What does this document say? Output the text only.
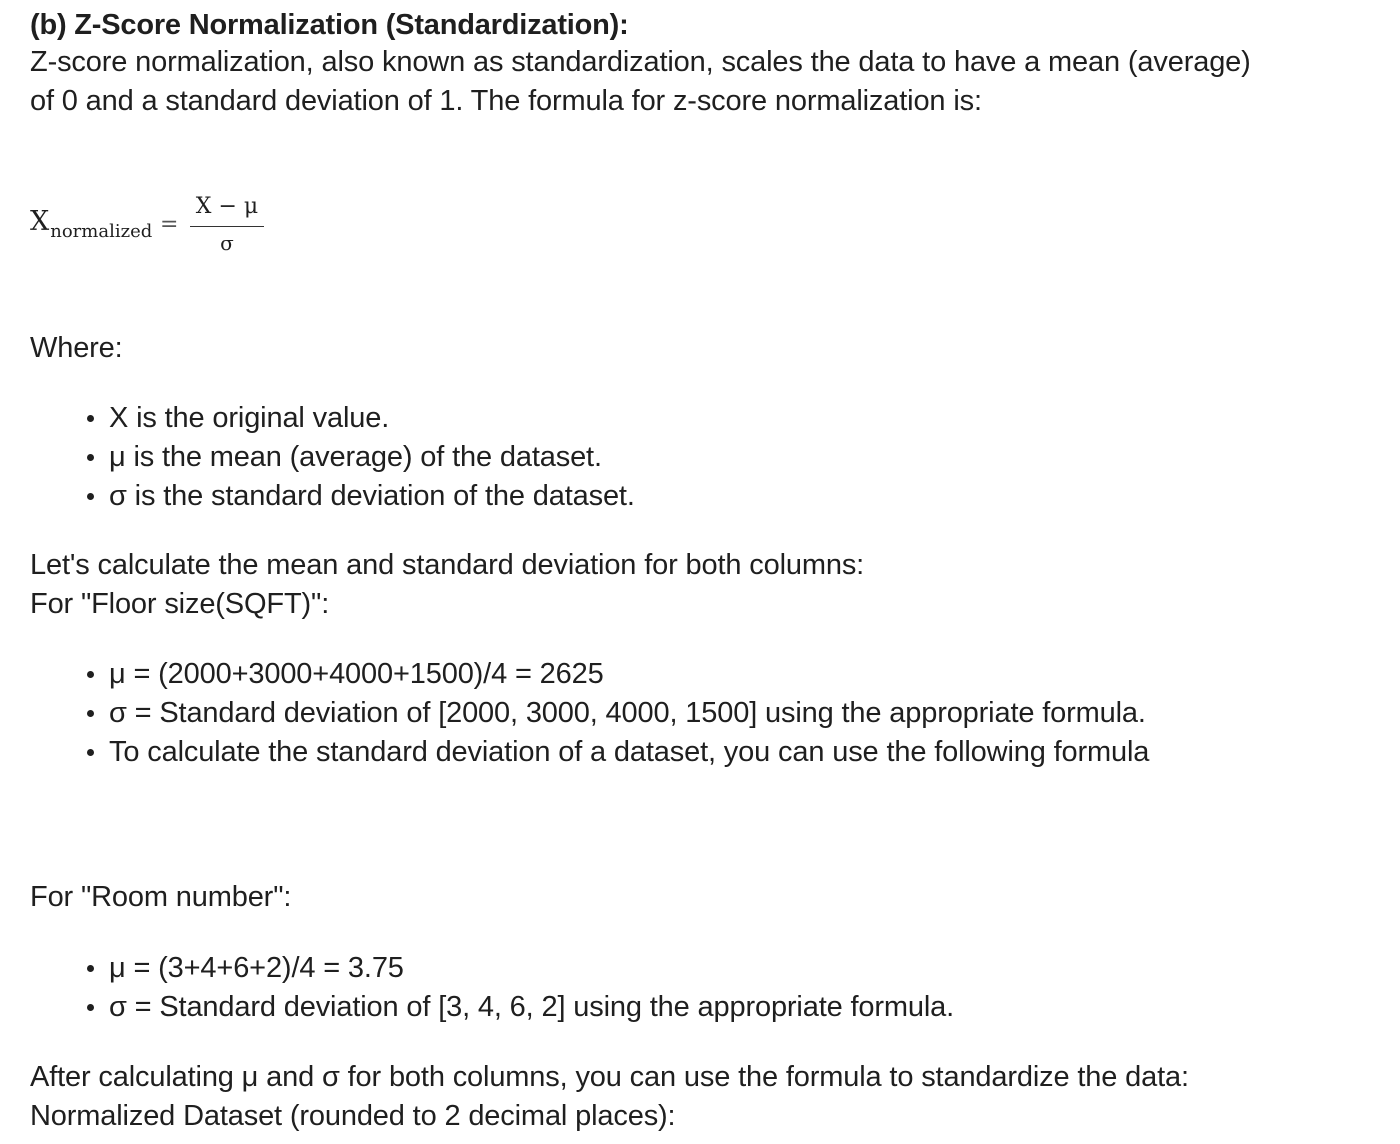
(b) Z-Score Normalization (Standardization):
Z-score normalization, also known as standardization, scales the data to have a mean (average)
of 0 and a standard deviation of 1. The formula for z-score normalization is:
$X_{normalized} = \frac{X - \mu}{\sigma}$
Where:
X is the original value.
μ is the mean (average) of the dataset.
σ is the standard deviation of the dataset.
Let's calculate the mean and standard deviation for both columns:
For "Floor size(SQFT)":
μ = (2000+3000+4000+1500)/4 = 2625
σ = Standard deviation of [2000, 3000, 4000, 1500] using the appropriate formula.
To calculate the standard deviation of a dataset, you can use the following formula
For "Room number":
μ = (3+4+6+2)/4 = 3.75
σ = Standard deviation of [3, 4, 6, 2] using the appropriate formula.
After calculating μ and σ for both columns, you can use the formula to standardize the data:
Normalized Dataset (rounded to 2 decimal places):
